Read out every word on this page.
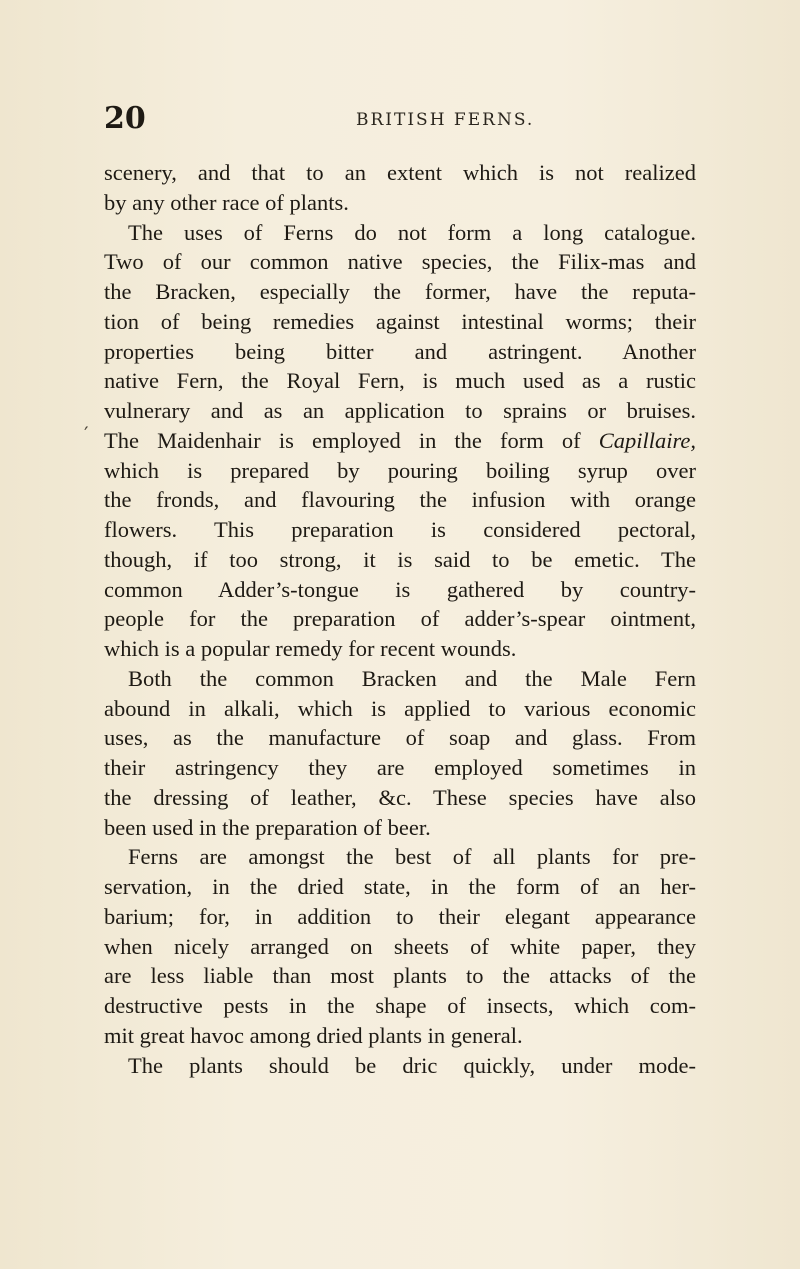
20	BRITISH FERNS.
′
scenery, and that to an extent which is not realized
by any other race of plants.
The uses of Ferns do not form a long catalogue.
Two of our common native species, the Filix-mas and
the Bracken, especially the former, have the reputa-
tion of being remedies against intestinal worms; their
properties being bitter and astringent. Another
native Fern, the Royal Fern, is much used as a rustic
vulnerary and as an application to sprains or bruises.
The Maidenhair is employed in the form of Capillaire,
which is prepared by pouring boiling syrup over
the fronds, and flavouring the infusion with orange
flowers. This preparation is considered pectoral,
though, if too strong, it is said to be emetic. The
common Adder’s-tongue is gathered by country-
people for the preparation of adder’s-spear ointment,
which is a popular remedy for recent wounds.
Both the common Bracken and the Male Fern
abound in alkali, which is applied to various economic
uses, as the manufacture of soap and glass. From
their astringency they are employed sometimes in
the dressing of leather, &c. These species have also
been used in the preparation of beer.
Ferns are amongst the best of all plants for pre-
servation, in the dried state, in the form of an her-
barium; for, in addition to their elegant appearance
when nicely arranged on sheets of white paper, they
are less liable than most plants to the attacks of the
destructive pests in the shape of insects, which com-
mit great havoc among dried plants in general.
The plants should be dric quickly, under mode-
